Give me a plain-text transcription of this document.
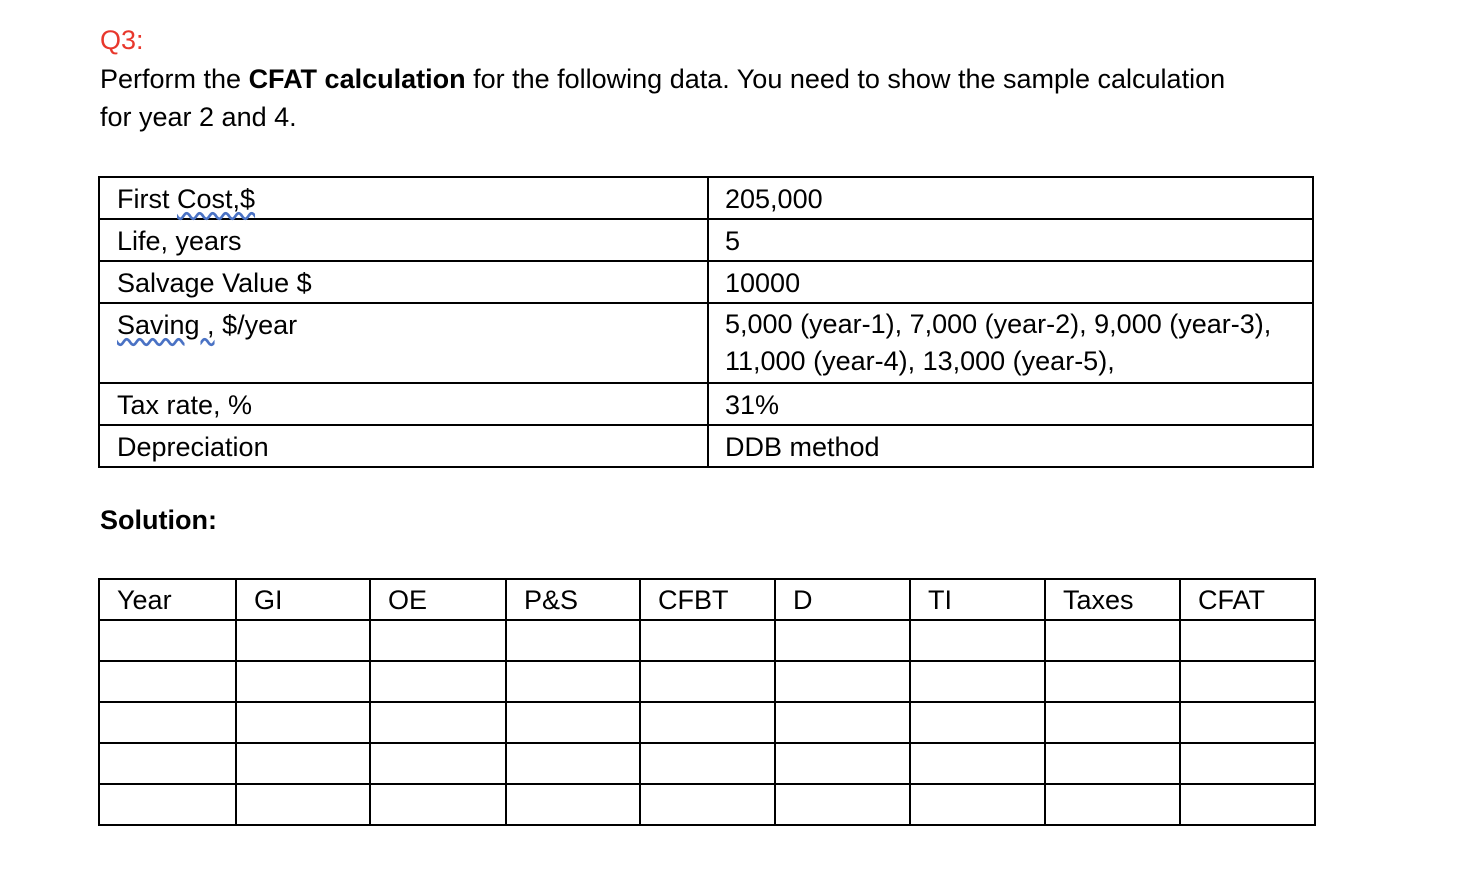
Q3:
Perform the CFAT calculation for the following data. You need to show the sample calculation for year 2 and 4.
First Cost,$	205,000
Life, years	5
Salvage Value $	10000
Saving , $/year	5,000 (year-1), 7,000 (year-2), 9,000 (year-3), 11,000 (year-4), 13,000 (year-5),
Tax rate, %	31%
Depreciation	DDB method
Solution:
Year	GI	OE	P&S	CFBT	D	TI	Taxes	CFAT
